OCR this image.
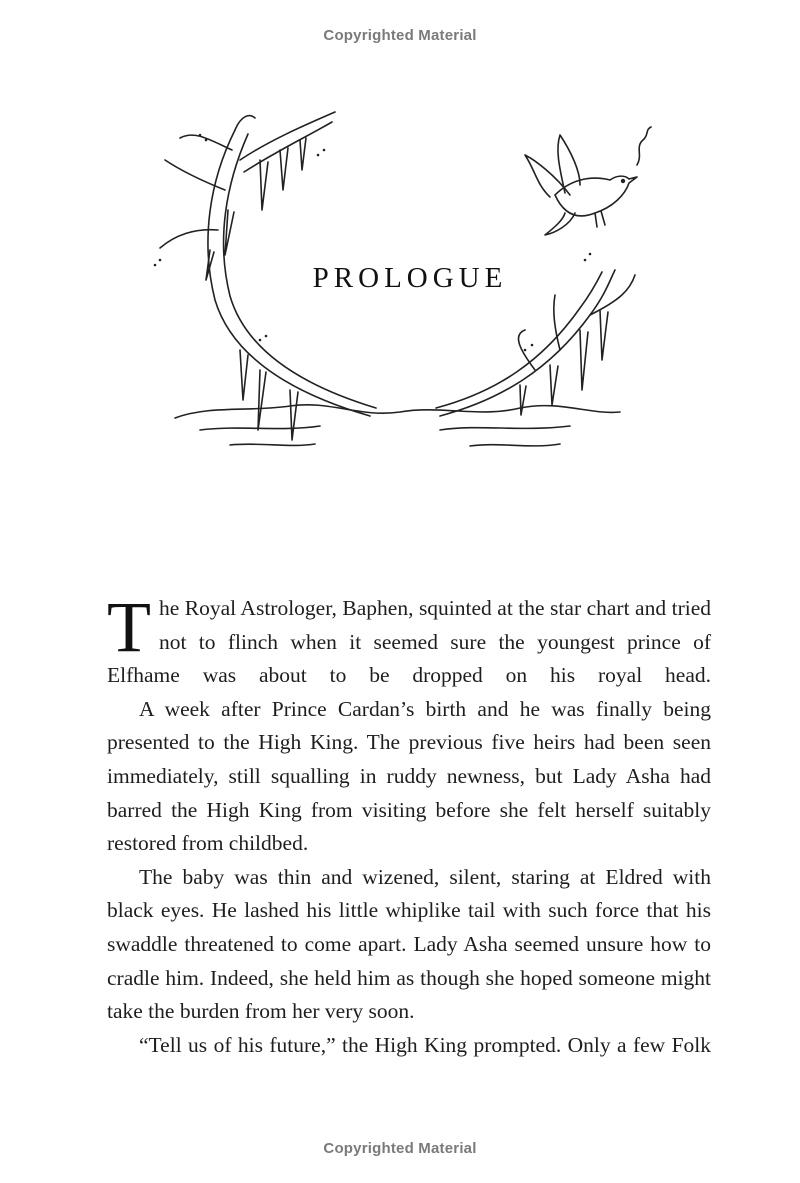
Copyrighted Material
PROLOGUE

The Royal Astrologer, Baphen, squinted at the star chart and tried not to flinch when it seemed sure the youngest prince of Elfhame was about to be dropped on his royal head.

A week after Prince Cardan’s birth and he was finally being presented to the High King. The previous five heirs had been seen immediately, still squalling in ruddy newness, but Lady Asha had barred the High King from visiting before she felt herself suitably restored from childbed.

The baby was thin and wizened, silent, staring at Eldred with black eyes. He lashed his little whiplike tail with such force that his swaddle threatened to come apart. Lady Asha seemed unsure how to cradle him. Indeed, she held him as though she hoped someone might take the burden from her very soon.

“Tell us of his future,” the High King prompted. Only a few Folk

Copyrighted Material
